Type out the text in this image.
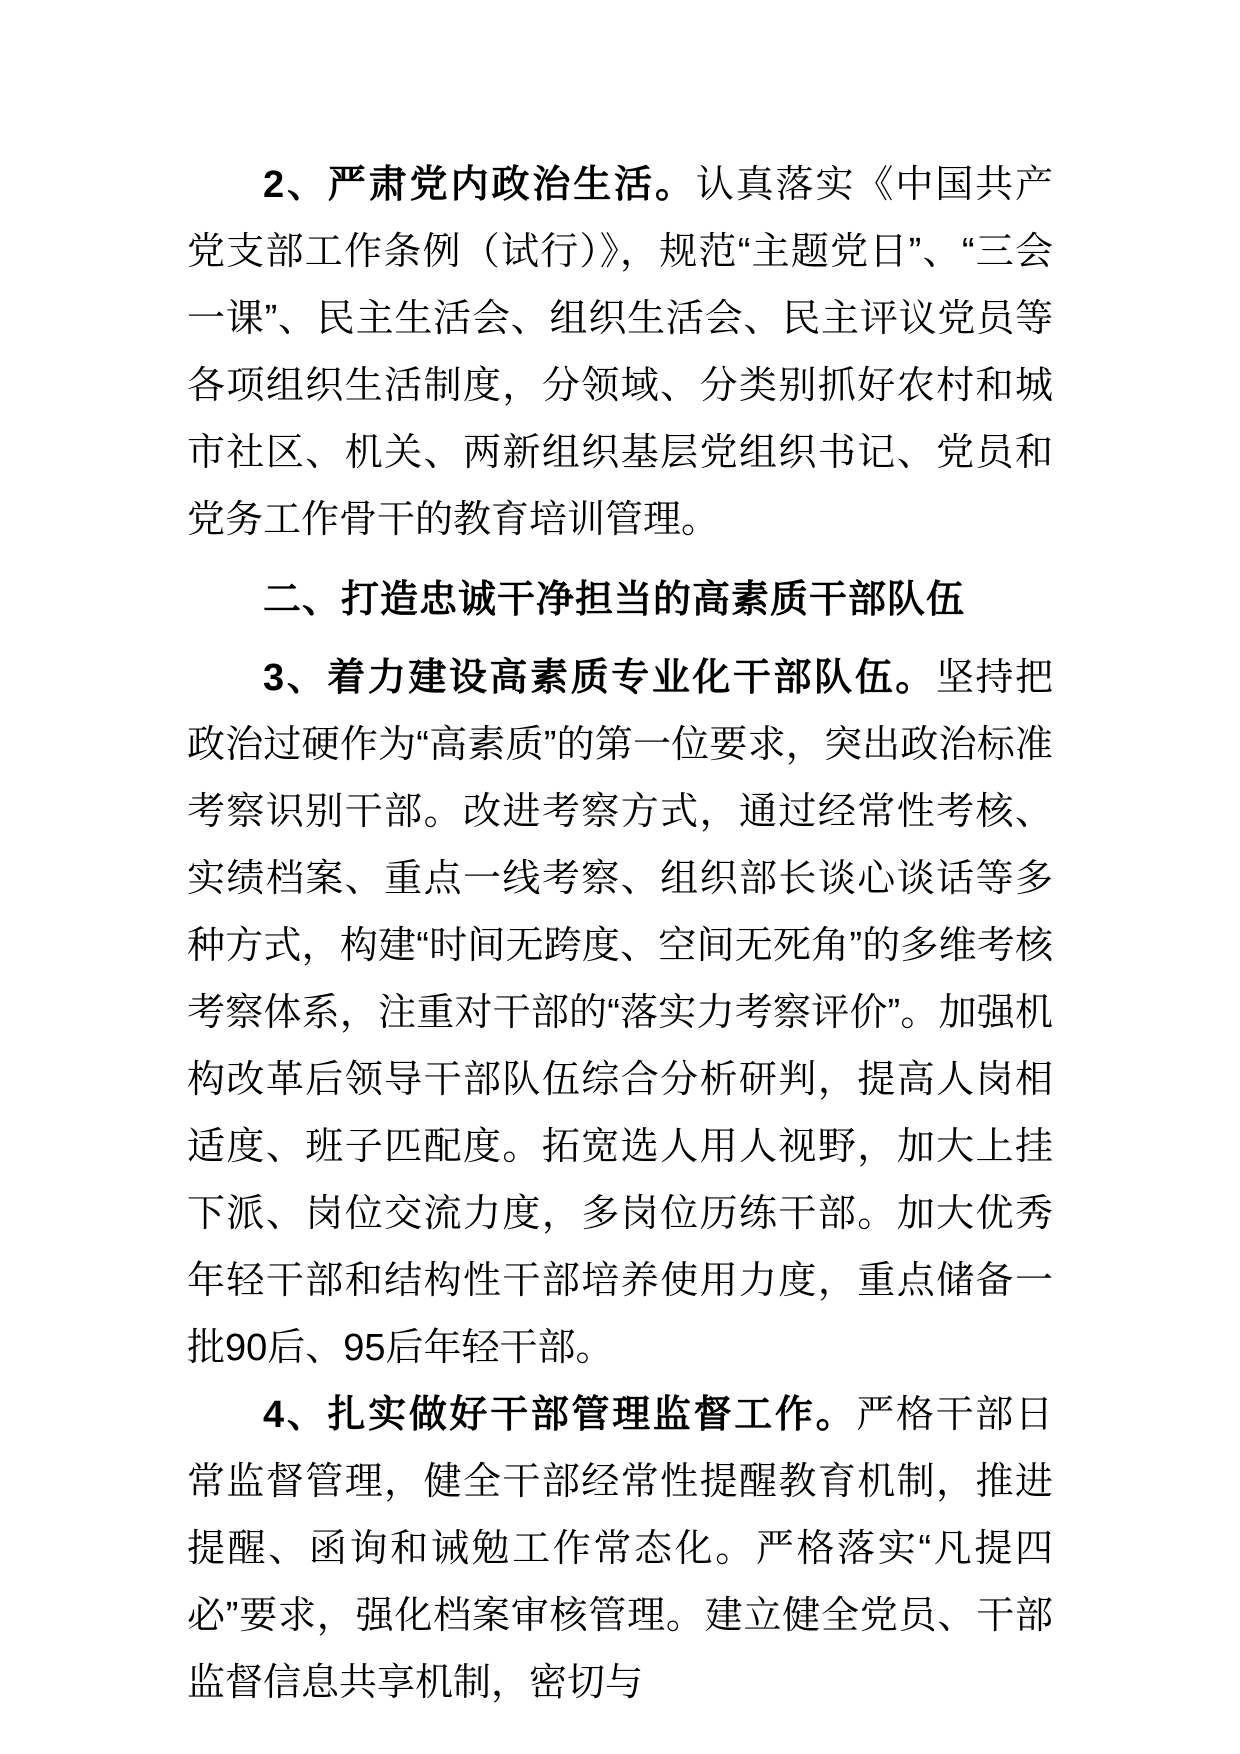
2、严肃党内政治生活。认真落实《中国共产党支部工作条例（试行）》，规范“主题党日”、“三会一课”、民主生活会、组织生活会、民主评议党员等各项组织生活制度，分领域、分类别抓好农村和城市社区、机关、两新组织基层党组织书记、党员和党务工作骨干的教育培训管理。

二、打造忠诚干净担当的高素质干部队伍

3、着力建设高素质专业化干部队伍。坚持把政治过硬作为“高素质”的第一位要求，突出政治标准考察识别干部。改进考察方式，通过经常性考核、实绩档案、重点一线考察、组织部长谈心谈话等多种方式，构建“时间无跨度、空间无死角”的多维考核考察体系，注重对干部的“落实力考察评价”。加强机构改革后领导干部队伍综合分析研判，提高人岗相适度、班子匹配度。拓宽选人用人视野，加大上挂下派、岗位交流力度，多岗位历练干部。加大优秀年轻干部和结构性干部培养使用力度，重点储备一批90后、95后年轻干部。

4、扎实做好干部管理监督工作。严格干部日常监督管理，健全干部经常性提醒教育机制，推进提醒、函询和诫勉工作常态化。严格落实“凡提四必”要求，强化档案审核管理。建立健全党员、干部监督信息共享机制，密切与
